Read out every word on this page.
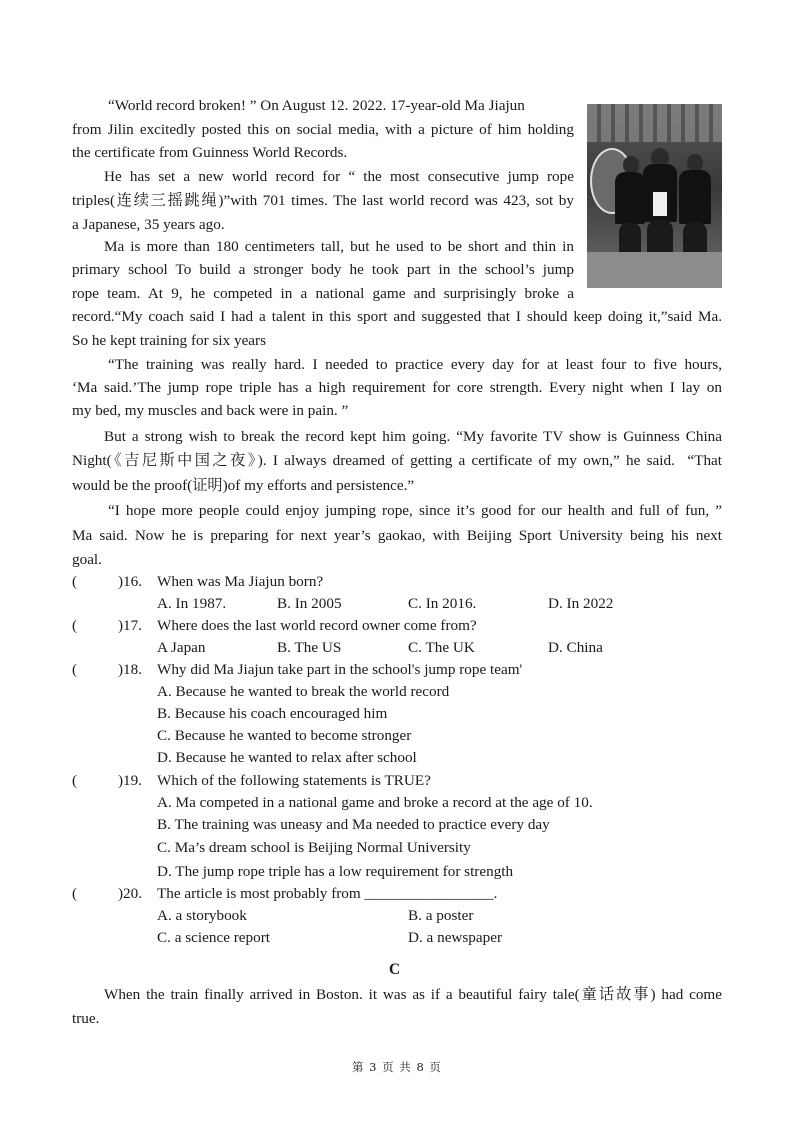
“World record broken! ” On August 12. 2022. 17-year-old Ma Jiajun
from Jilin excitedly posted this on social media, with a picture of him holding
the certificate from Guinness World Records.
He has set a new world record for “ the most consecutive jump rope
triples(连续三摇跳绳)”with 701 times. The last world record was 423, sot by
a Japanese, 35 years ago.
Ma is more than 180 centimeters tall, but he used to be short and thin in
primary school To build a stronger body he took part in the school’s jump
rope team. At 9, he competed in a national game and surprisingly broke a
record.“My coach said I had a talent in this sport and suggested that I should keep doing it,”said Ma.
So he kept training for six years
“The training was really hard. I needed to practice every day for at least four to five hours,
‘Ma said.’The jump rope triple has a high requirement for core strength. Every night when I lay on
my bed, my muscles and back were in pain. ”
But a strong wish to break the record kept him going. “My favorite TV show is Guinness China
Night(《吉尼斯中国之夜》). I always dreamed of getting a certificate of my own,” he said.  “That
would be the proof(证明)of my efforts and persistence.”
“I hope more people could enjoy jumping rope, since it’s good for our health and full of fun, ”
Ma said. Now he is preparing for next year’s gaokao, with Beijing Sport University being his next
goal.
(	)16. When was Ma Jiajun born?
A. In 1987.	B. In 2005	C. In 2016.	D. In 2022
(	)17. Where does the last world record owner come from?
A Japan	B. The US	C. The UK	D. China
(	)18. Why did Ma Jiajun take part in the school's jump rope team'
A. Because he wanted to break the world record
B. Because his coach encouraged him
C. Because he wanted to become stronger
D. Because he wanted to relax after school
(	)19. Which of the following statements is TRUE?
A. Ma competed in a national game and broke a record at the age of 10.
B. The training was uneasy and Ma needed to practice every day
C. Ma’s dream school is Beijing Normal University
D. The jump rope triple has a low requirement for strength
(	)20. The article is most probably from _________________.
A. a storybook	B. a poster
C. a science report	D. a newspaper
C
When the train finally arrived in Boston. it was as if a beautiful fairy tale(童话故事) had come
true.
第 3 页 共 8 页
